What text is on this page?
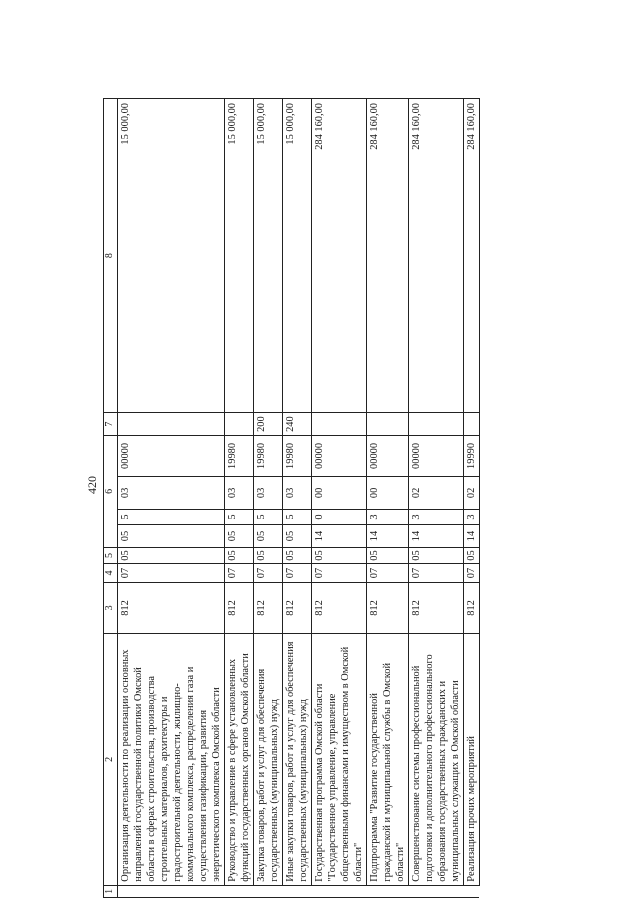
420
1	2	3	4	5	6				7	8
	Организация деятельности по реализации основных направлений государственной политики Омской области в сферах строительства, производства строительных материалов, архитектуры и градостроительной деятельности, жилищно-коммунального комплекса, распределения газа и осуществления газификации, развития энергетического комплекса Омской области	812	07	05	05	5	03	00000		15 000,00
	Руководство и управление в сфере установленных функций государственных органов Омской области	812	07	05	05	5	03	19980		15 000,00
	Закупка товаров, работ и услуг для обеспечения государственных (муниципальных) нужд	812	07	05	05	5	03	19980	200	15 000,00
	Иные закупки товаров, работ и услуг для обеспечения государственных (муниципальных) нужд	812	07	05	05	5	03	19980	240	15 000,00
	Государственная программа Омской области "Государственное управление, управление общественными финансами и имуществом в Омской области"	812	07	05	14	0	00	00000		284 160,00
	Подпрограмма "Развитие государственной гражданской и муниципальной службы в Омской области"	812	07	05	14	3	00	00000		284 160,00
	Совершенствование системы профессиональной подготовки и дополнительного профессионального образования государственных гражданских и муниципальных служащих в Омской области	812	07	05	14	3	02	00000		284 160,00
	Реализация прочих мероприятий	812	07	05	14	3	02	19990		284 160,00
